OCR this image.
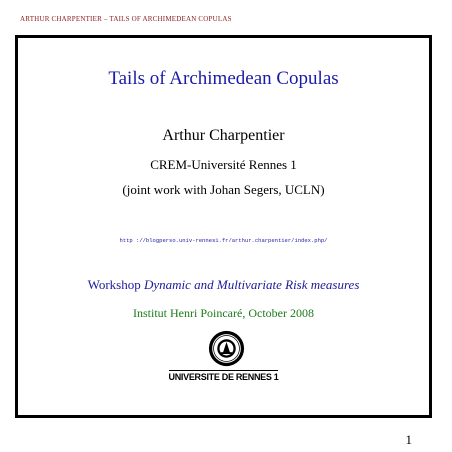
ARTHUR CHARPENTIER – TAILS OF ARCHIMEDEAN COPULAS
Tails of Archimedean Copulas
Arthur Charpentier
CREM-Université Rennes 1
(joint work with Johan Segers, UCLN)
http ://blogperso.univ-rennes1.fr/arthur.charpentier/index.php/
Workshop Dynamic and Multivariate Risk measures
Institut Henri Poincaré, October 2008
UNIVERSITE DE RENNES 1
1
